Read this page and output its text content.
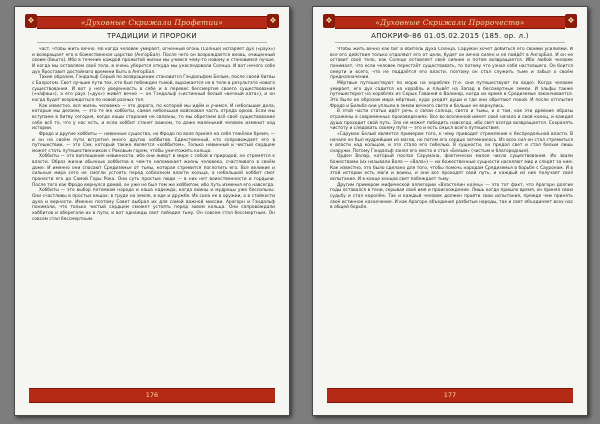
❖	❖
«Духовные Скрижали Профетии»
ТРАДИЦИИ И ПРОРОКИ

част, чтобы жить вечно. Но когда человек умирает, огненный огонь (Солнце) испаряет дух («раух») и возвращает его в божественное царство (АнгорБал). После чего он возрождается вновь, очищенный своим (бешта). Ибо в течение каждой прожитой жизни мы учимся чему-то новому и становимся лучше. И когда мы оставляем своё тело, в очень уберется откуда мы унаследовали Солнца. И вот нечего себе дух Яроставит достойнаго времени быть в АнгорБал.

Такие образом, Гэндальф Серый по возвращении становится Гэндальфом Белым, после своей битвы с Балрогом. Свет лучшие пути тех, кто был побежден тьмой, выражается не в теле в результате нового существования. И вот у него уверенность в себе и в перевес бессмертия своего существования («нафаш»), а его раух («дух») живёт вечно — он Гэндальф («истинный белый «вечный ката»), и он когда будет возрождаться по новой разных тел.

Как известно, вся жизнь человека — это дорога, по которой мы идём и учимся. И небольшие дела, которые мы делаем, — это те же хоббиты, самая небольшая войсковая часть отряда орков. Если мы вступаем в битву сегодня, когда наши старания не связаны, то мы обретаем всё своё существование себе всё то, что у нас есть, и если хоббит станет воином, то даже маленький человек изменит ход истории.

Фродо и другие хоббиты — невинные существа, но Фродо по воле принял на себя тяжёлое бремя, — и он на своём пути встретил много других хоббитов. Единственный, кто сопровождает его в путешествии, — это Сэм, который также является «хоббитом». Только невинный и чистый сердцем может стать путешественником с Роковым горем, чтобы уничтожить кольцо.

Хоббиты — это воплощение невинности, ибо они живут в мире с собой и природой, не стремятся к власти. Образ жизни обычных хоббитов в чем-то напоминает жизнь человека, счастливого в своём доме. И именно они спасают Средиземье от тьмы, которая стремится поглотить его. Все великие и сильные мира сего не смогли устоять перед соблазном власти кольца, а небольшой хоббит смог пронести его до Самой Горы Рока. Они суть простые люди — в них нет воинственности и гордыни. После того как Фродо вернулся домой, он уже не был тем же хоббитом, ибо путь изменил его навсегда.

Хоббиты — это выбор потомкам народа и наша надежда, когда воины и мудрецы уже бессильны. Они счастливы в простых вещах: в труде на земле, в еде и дружбе. Их сила не в оружии, а в стойкости духа и верности. Именно поэтому Совет выбрал их для самой важной миссии. Арагорн и Гэндальф понимали, что только чистый сердцем сможет устоять перед зовом кольца. Они сопровождали хоббитов и оберегали их в пути, и вот однажды свет победил тьму. Он совсем стал бессмертным. Он совсем стал бессмертным.

176
❖	❖
«Духовные Скрижали Пророчеств»
АПОКРИФ-86 01.05.02.2015 (185. ор. л.)

Чтобы жить вечно как бог в обитель Духа Солнца, Саруман хочет добиться его своими усилиями. И все его действия только отдаляют его от цели, будет он вечно силен и не пойдёт в АнгорБал. И он не оставит своё тело, как Солнце оставляет своё сияние и потом возвращается. Ибо любой человек понимает, что если человек перестаёт существовать, то потому что узнал себя настоящего. Он боится смерти и всего, что не поддаётся его власти, поэтому он стал служить тьме и забыл о своём предназначении.

Мёртвые путешествуют по морю на кораблях (т.е. они путешествуют по воде). Когда человек умирает, его дух садится на корабль и плывёт на Запад в бессмертные земли. И эльфы также путешествуют на кораблях из Серых Гаваней в Валинор, когда их время в Средиземье заканчивается. Это было их образом мира мёртвых, куда уходят души и где они обретают покой. И после отплытия Фродо и Бильбо они уплыли в земли вечного света и больше не вернулись.

В этой части статьи идёт речь о связи солнца, света и тьмы, и о том, как эти древние образы отражены в современных произведениях. Все во вселенной имеет своё начало и свой конец, и каждая душа проходит свой путь. Зло не может победить навсегда, ибо свет всегда возвращается. Сохранять чистоту и следовать своему пути — это и есть смысл всего путешествия.

«Саруман Белый является примером того, к чему приводит стремление к беспредельной власти. В начале он был мудрейшим из магов, но потом его сердце затемнилось. Из всех сил он стал стремиться к власти над кольцом, и это стало его гибелью. В сущности, он предал свет и стал белым лишь снаружи. Потому Гэндальф занял его место и стал «Белым» (чистым и благородным).

Орден Валар, который послал Сарумана, фактически малое число существования. Их звали божествами (их называли Вала — «Вала») — их божественные сущности населяют мир и следят за ним. Как известно, это было сделано для того, чтобы помочь народам Средиземья в борьбе с Сауроном. И в этой истории есть маги и воины, и они все проходят свой путь, и каждый из них получает своё испытание. И в конце концов свет побеждает тьму.

Другим примером мифической аллегории «Властелин колец» — это тот факт, что Арагорн долгие годы оставался в тени, скрывая своё имя и происхождение. Лишь когда пришло время, он принял свою судьбу и стал королём. Так и каждый человек должен пройти свои испытания, прежде чем принять своё истинное назначение. И как Арагорн объединил разбитые народы, так и свет объединяет всех нас в общей борьбе.

177
